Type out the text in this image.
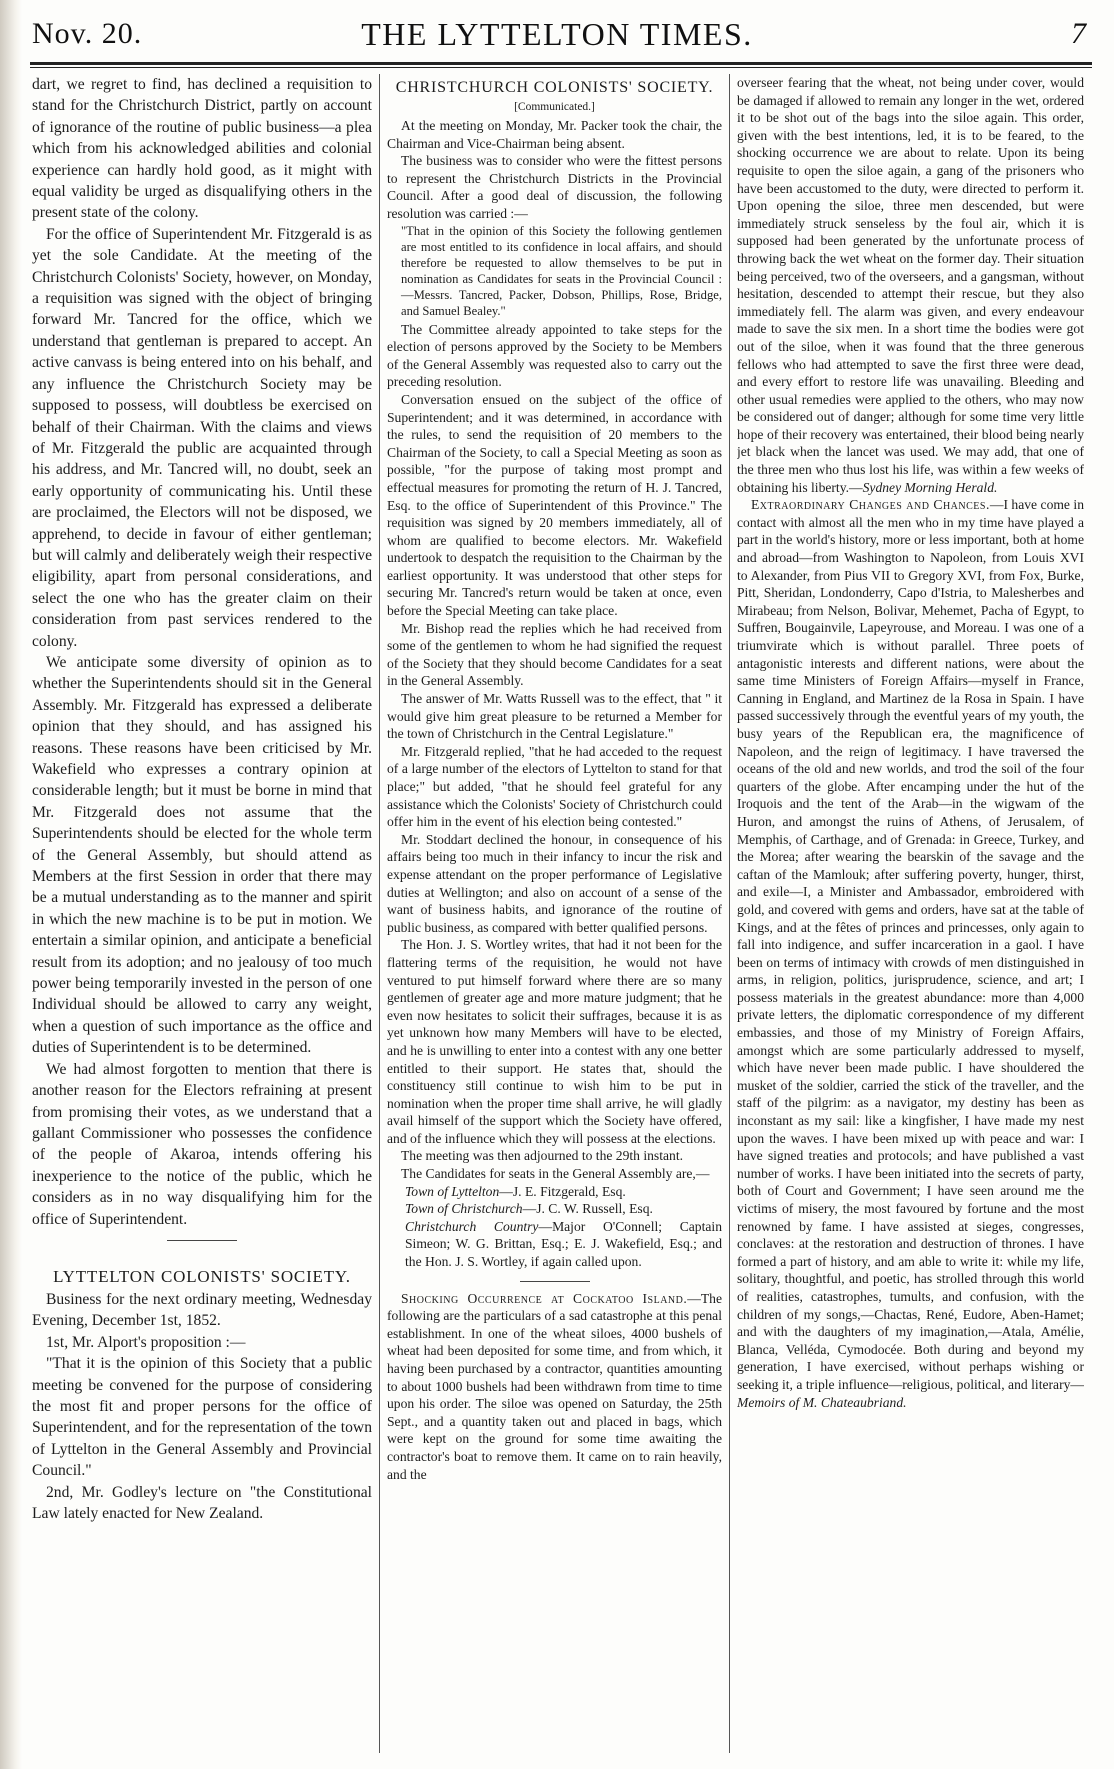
Nov. 20.	THE LYTTELTON TIMES.	7

dart, we regret to find, has declined a requisition to stand for the Christchurch District, partly on account of ignorance of the routine of public business—a plea which from his acknowledged abilities and colonial experience can hardly hold good, as it might with equal validity be urged as disqualifying others in the present state of the colony.

For the office of Superintendent Mr. Fitzgerald is as yet the sole Candidate. At the meeting of the Christchurch Colonists' Society, however, on Monday, a requisition was signed with the object of bringing forward Mr. Tancred for the office, which we understand that gentleman is prepared to accept. An active canvass is being entered into on his behalf, and any influence the Christchurch Society may be supposed to possess, will doubtless be exercised on behalf of their Chairman. With the claims and views of Mr. Fitzgerald the public are acquainted through his address, and Mr. Tancred will, no doubt, seek an early opportunity of communicating his. Until these are proclaimed, the Electors will not be disposed, we apprehend, to decide in favour of either gentleman; but will calmly and deliberately weigh their respective eligibility, apart from personal considerations, and select the one who has the greater claim on their consideration from past services rendered to the colony.

We anticipate some diversity of opinion as to whether the Superintendents should sit in the General Assembly. Mr. Fitzgerald has expressed a deliberate opinion that they should, and has assigned his reasons. These reasons have been criticised by Mr. Wakefield who expresses a contrary opinion at considerable length; but it must be borne in mind that Mr. Fitzgerald does not assume that the Superintendents should be elected for the whole term of the General Assembly, but should attend as Members at the first Session in order that there may be a mutual understanding as to the manner and spirit in which the new machine is to be put in motion. We entertain a similar opinion, and anticipate a beneficial result from its adoption; and no jealousy of too much power being temporarily invested in the person of one Individual should be allowed to carry any weight, when a question of such importance as the office and duties of Superintendent is to be determined.

We had almost forgotten to mention that there is another reason for the Electors refraining at present from promising their votes, as we understand that a gallant Commissioner who possesses the confidence of the people of Akaroa, intends offering his inexperience to the notice of the public, which he considers as in no way disqualifying him for the office of Superintendent.

LYTTELTON COLONISTS' SOCIETY.

Business for the next ordinary meeting, Wednesday Evening, December 1st, 1852.

1st, Mr. Alport's proposition :—

"That it is the opinion of this Society that a public meeting be convened for the purpose of considering the most fit and proper persons for the office of Superintendent, and for the representation of the town of Lyttelton in the General Assembly and Provincial Council."

2nd, Mr. Godley's lecture on "the Constitutional Law lately enacted for New Zealand.

CHRISTCHURCH COLONISTS' SOCIETY.
[Communicated.]

At the meeting on Monday, Mr. Packer took the chair, the Chairman and Vice-Chairman being absent.

The business was to consider who were the fittest persons to represent the Christchurch Districts in the Provincial Council. After a good deal of discussion, the following resolution was carried :—

"That in the opinion of this Society the following gentlemen are most entitled to its confidence in local affairs, and should therefore be requested to allow themselves to be put in nomination as Candidates for seats in the Provincial Council :—Messrs. Tancred, Packer, Dobson, Phillips, Rose, Bridge, and Samuel Bealey."

The Committee already appointed to take steps for the election of persons approved by the Society to be Members of the General Assembly was requested also to carry out the preceding resolution.

Conversation ensued on the subject of the office of Superintendent; and it was determined, in accordance with the rules, to send the requisition of 20 members to the Chairman of the Society, to call a Special Meeting as soon as possible, "for the purpose of taking most prompt and effectual measures for promoting the return of H. J. Tancred, Esq. to the office of Superintendent of this Province." The requisition was signed by 20 members immediately, all of whom are qualified to become electors. Mr. Wakefield undertook to despatch the requisition to the Chairman by the earliest opportunity. It was understood that other steps for securing Mr. Tancred's return would be taken at once, even before the Special Meeting can take place.

Mr. Bishop read the replies which he had received from some of the gentlemen to whom he had signified the request of the Society that they should become Candidates for a seat in the General Assembly.

The answer of Mr. Watts Russell was to the effect, that " it would give him great pleasure to be returned a Member for the town of Christchurch in the Central Legislature."

Mr. Fitzgerald replied, "that he had acceded to the request of a large number of the electors of Lyttelton to stand for that place;" but added, "that he should feel grateful for any assistance which the Colonists' Society of Christchurch could offer him in the event of his election being contested."

Mr. Stoddart declined the honour, in consequence of his affairs being too much in their infancy to incur the risk and expense attendant on the proper performance of Legislative duties at Wellington; and also on account of a sense of the want of business habits, and ignorance of the routine of public business, as compared with better qualified persons.

The Hon. J. S. Wortley writes, that had it not been for the flattering terms of the requisition, he would not have ventured to put himself forward where there are so many gentlemen of greater age and more mature judgment; that he even now hesitates to solicit their suffrages, because it is as yet unknown how many Members will have to be elected, and he is unwilling to enter into a contest with any one better entitled to their support. He states that, should the constituency still continue to wish him to be put in nomination when the proper time shall arrive, he will gladly avail himself of the support which the Society have offered, and of the influence which they will possess at the elections.

The meeting was then adjourned to the 29th instant.

The Candidates for seats in the General Assembly are,—

Town of Lyttelton—J. E. Fitzgerald, Esq.

Town of Christchurch—J. C. W. Russell, Esq.

Christchurch Country—Major O'Connell; Captain Simeon; W. G. Brittan, Esq.; E. J. Wakefield, Esq.; and the Hon. J. S. Wortley, if again called upon.

Shocking Occurrence at Cockatoo Island.—The following are the particulars of a sad catastrophe at this penal establishment. In one of the wheat siloes, 4000 bushels of wheat had been deposited for some time, and from which, it having been purchased by a contractor, quantities amounting to about 1000 bushels had been withdrawn from time to time upon his order. The siloe was opened on Saturday, the 25th Sept., and a quantity taken out and placed in bags, which were kept on the ground for some time awaiting the contractor's boat to remove them. It came on to rain heavily, and the

overseer fearing that the wheat, not being under cover, would be damaged if allowed to remain any longer in the wet, ordered it to be shot out of the bags into the siloe again. This order, given with the best intentions, led, it is to be feared, to the shocking occurrence we are about to relate. Upon its being requisite to open the siloe again, a gang of the prisoners who have been accustomed to the duty, were directed to perform it. Upon opening the siloe, three men descended, but were immediately struck senseless by the foul air, which it is supposed had been generated by the unfortunate process of throwing back the wet wheat on the former day. Their situation being perceived, two of the overseers, and a gangsman, without hesitation, descended to attempt their rescue, but they also immediately fell. The alarm was given, and every endeavour made to save the six men. In a short time the bodies were got out of the siloe, when it was found that the three generous fellows who had attempted to save the first three were dead, and every effort to restore life was unavailing. Bleeding and other usual remedies were applied to the others, who may now be considered out of danger; although for some time very little hope of their recovery was entertained, their blood being nearly jet black when the lancet was used. We may add, that one of the three men who thus lost his life, was within a few weeks of obtaining his liberty.—Sydney Morning Herald.

Extraordinary Changes and Chances.—I have come in contact with almost all the men who in my time have played a part in the world's history, more or less important, both at home and abroad—from Washington to Napoleon, from Louis XVI to Alexander, from Pius VII to Gregory XVI, from Fox, Burke, Pitt, Sheridan, Londonderry, Capo d'Istria, to Malesherbes and Mirabeau; from Nelson, Bolivar, Mehemet, Pacha of Egypt, to Suffren, Bougainvile, Lapeyrouse, and Moreau. I was one of a triumvirate which is without parallel. Three poets of antagonistic interests and different nations, were about the same time Ministers of Foreign Affairs—myself in France, Canning in England, and Martinez de la Rosa in Spain. I have passed successively through the eventful years of my youth, the busy years of the Republican era, the magnificence of Napoleon, and the reign of legitimacy. I have traversed the oceans of the old and new worlds, and trod the soil of the four quarters of the globe. After encamping under the hut of the Iroquois and the tent of the Arab—in the wigwam of the Huron, and amongst the ruins of Athens, of Jerusalem, of Memphis, of Carthage, and of Grenada: in Greece, Turkey, and the Morea; after wearing the bearskin of the savage and the caftan of the Mamlouk; after suffering poverty, hunger, thirst, and exile—I, a Minister and Ambassador, embroidered with gold, and covered with gems and orders, have sat at the table of Kings, and at the fêtes of princes and princesses, only again to fall into indigence, and suffer incarceration in a gaol. I have been on terms of intimacy with crowds of men distinguished in arms, in religion, politics, jurisprudence, science, and art; I possess materials in the greatest abundance: more than 4,000 private letters, the diplomatic correspondence of my different embassies, and those of my Ministry of Foreign Affairs, amongst which are some particularly addressed to myself, which have never been made public. I have shouldered the musket of the soldier, carried the stick of the traveller, and the staff of the pilgrim: as a navigator, my destiny has been as inconstant as my sail: like a kingfisher, I have made my nest upon the waves. I have been mixed up with peace and war: I have signed treaties and protocols; and have published a vast number of works. I have been initiated into the secrets of party, both of Court and Government; I have seen around me the victims of misery, the most favoured by fortune and the most renowned by fame. I have assisted at sieges, congresses, conclaves: at the restoration and destruction of thrones. I have formed a part of history, and am able to write it: while my life, solitary, thoughtful, and poetic, has strolled through this world of realities, catastrophes, tumults, and confusion, with the children of my songs,—Chactas, René, Eudore, Aben-Hamet; and with the daughters of my imagination,—Atala, Amélie, Blanca, Velléda, Cymodocée. Both during and beyond my generation, I have exercised, without perhaps wishing or seeking it, a triple influence—religious, political, and literary—Memoirs of M. Chateaubriand.
